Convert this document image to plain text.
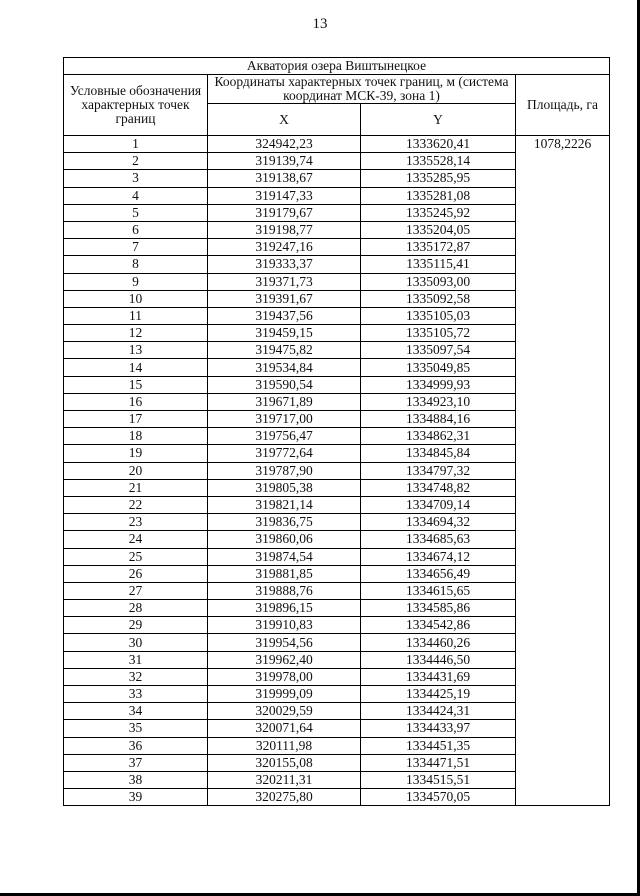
13
Акватория озера Виштынецкое			
Условные обозначения характерных точек границ	Координаты характерных точек границ, м (система координат МСК-39, зона 1)		Площадь, га
	X	Y	
1	324942,23	1333620,41	1078,2226
2	319139,74	1335528,14	
3	319138,67	1335285,95	
4	319147,33	1335281,08	
5	319179,67	1335245,92	
6	319198,77	1335204,05	
7	319247,16	1335172,87	
8	319333,37	1335115,41	
9	319371,73	1335093,00	
10	319391,67	1335092,58	
11	319437,56	1335105,03	
12	319459,15	1335105,72	
13	319475,82	1335097,54	
14	319534,84	1335049,85	
15	319590,54	1334999,93	
16	319671,89	1334923,10	
17	319717,00	1334884,16	
18	319756,47	1334862,31	
19	319772,64	1334845,84	
20	319787,90	1334797,32	
21	319805,38	1334748,82	
22	319821,14	1334709,14	
23	319836,75	1334694,32	
24	319860,06	1334685,63	
25	319874,54	1334674,12	
26	319881,85	1334656,49	
27	319888,76	1334615,65	
28	319896,15	1334585,86	
29	319910,83	1334542,86	
30	319954,56	1334460,26	
31	319962,40	1334446,50	
32	319978,00	1334431,69	
33	319999,09	1334425,19	
34	320029,59	1334424,31	
35	320071,64	1334433,97	
36	320111,98	1334451,35	
37	320155,08	1334471,51	
38	320211,31	1334515,51	
39	320275,80	1334570,05	
